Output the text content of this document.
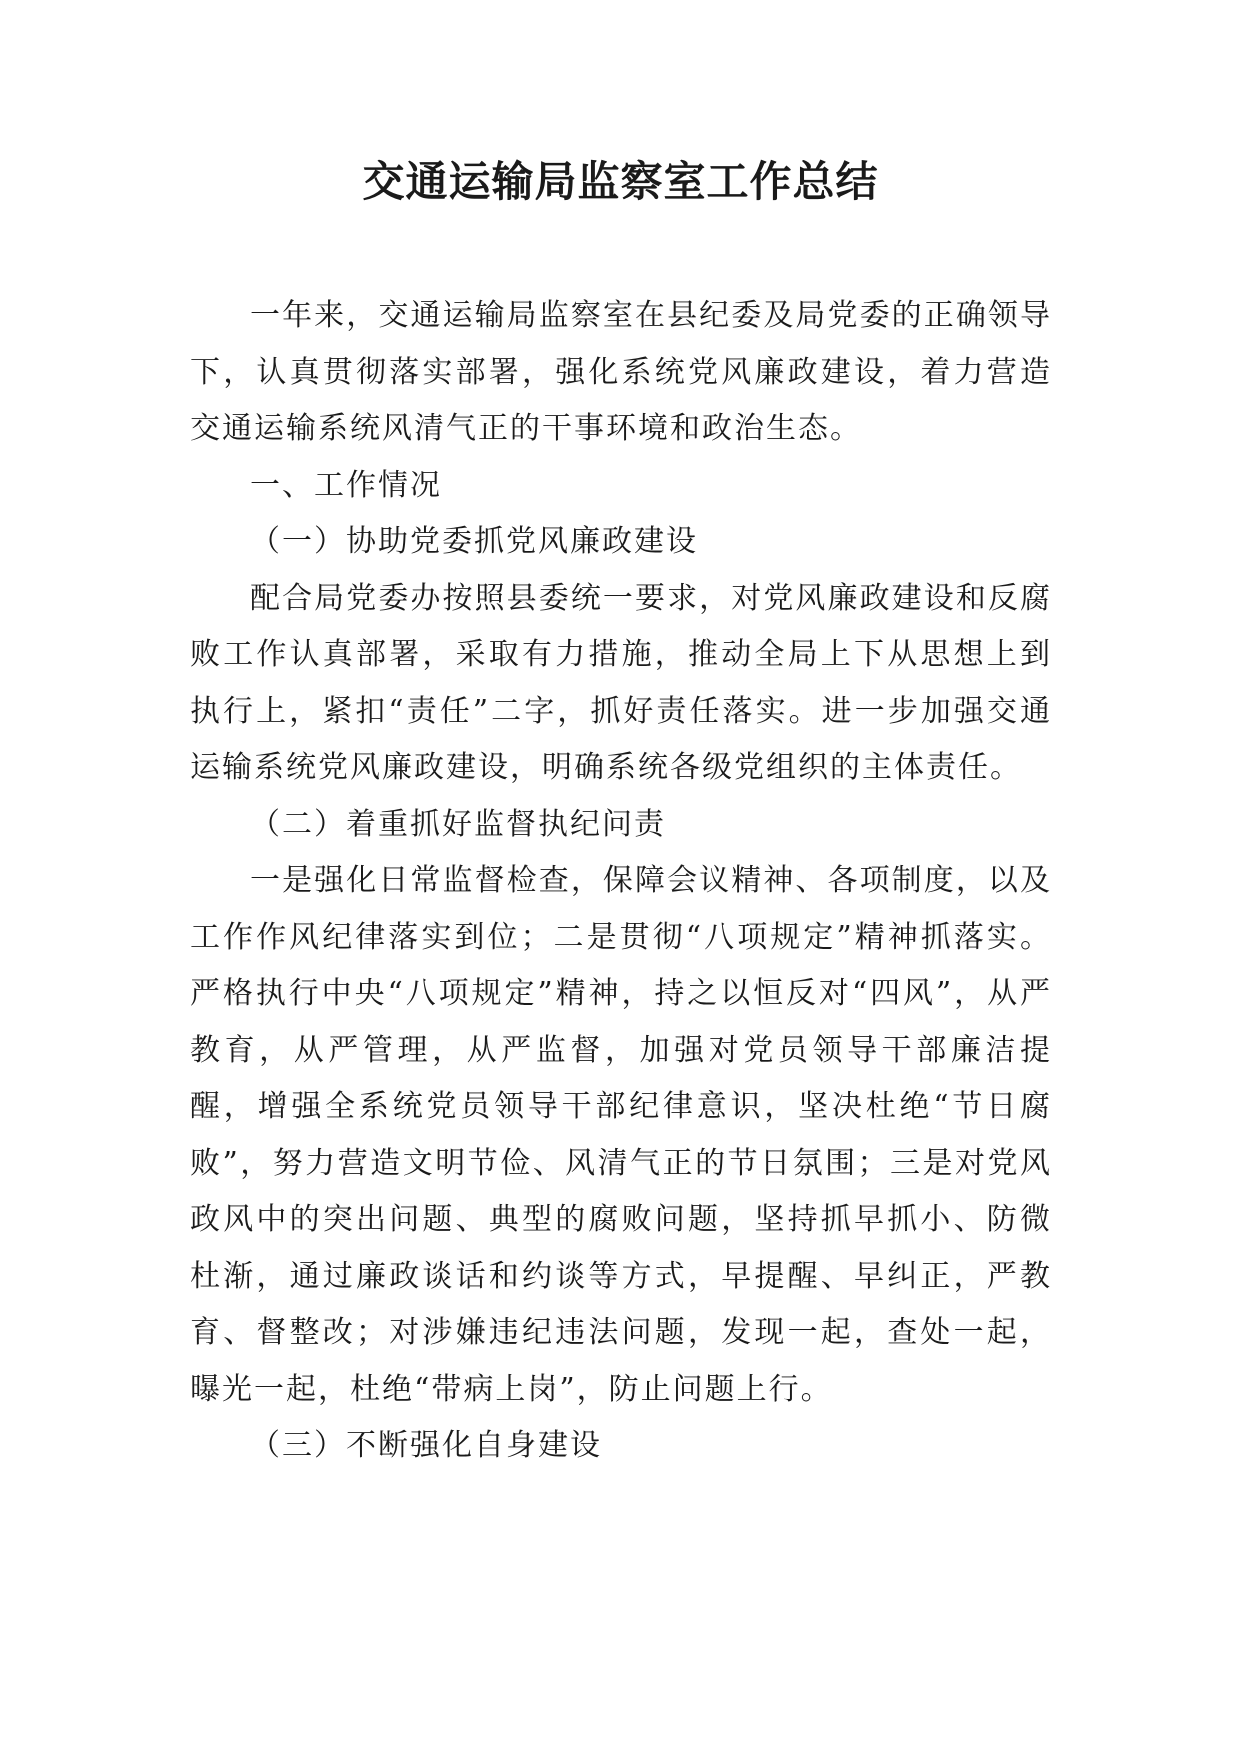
交通运输局监察室工作总结

一年来，交通运输局监察室在县纪委及局党委的正确领导下，认真贯彻落实部署，强化系统党风廉政建设，着力营造交通运输系统风清气正的干事环境和政治生态。

一、工作情况

（一）协助党委抓党风廉政建设

配合局党委办按照县委统一要求，对党风廉政建设和反腐败工作认真部署，采取有力措施，推动全局上下从思想上到执行上，紧扣“责任”二字，抓好责任落实。进一步加强交通运输系统党风廉政建设，明确系统各级党组织的主体责任。

（二）着重抓好监督执纪问责

一是强化日常监督检查，保障会议精神、各项制度，以及工作作风纪律落实到位；二是贯彻“八项规定”精神抓落实。严格执行中央“八项规定”精神，持之以恒反对“四风”，从严教育，从严管理，从严监督，加强对党员领导干部廉洁提醒，增强全系统党员领导干部纪律意识，坚决杜绝“节日腐败”，努力营造文明节俭、风清气正的节日氛围；三是对党风政风中的突出问题、典型的腐败问题，坚持抓早抓小、防微杜渐，通过廉政谈话和约谈等方式，早提醒、早纠正，严教育、督整改；对涉嫌违纪违法问题，发现一起，查处一起，曝光一起，杜绝“带病上岗”，防止问题上行。

（三）不断强化自身建设
